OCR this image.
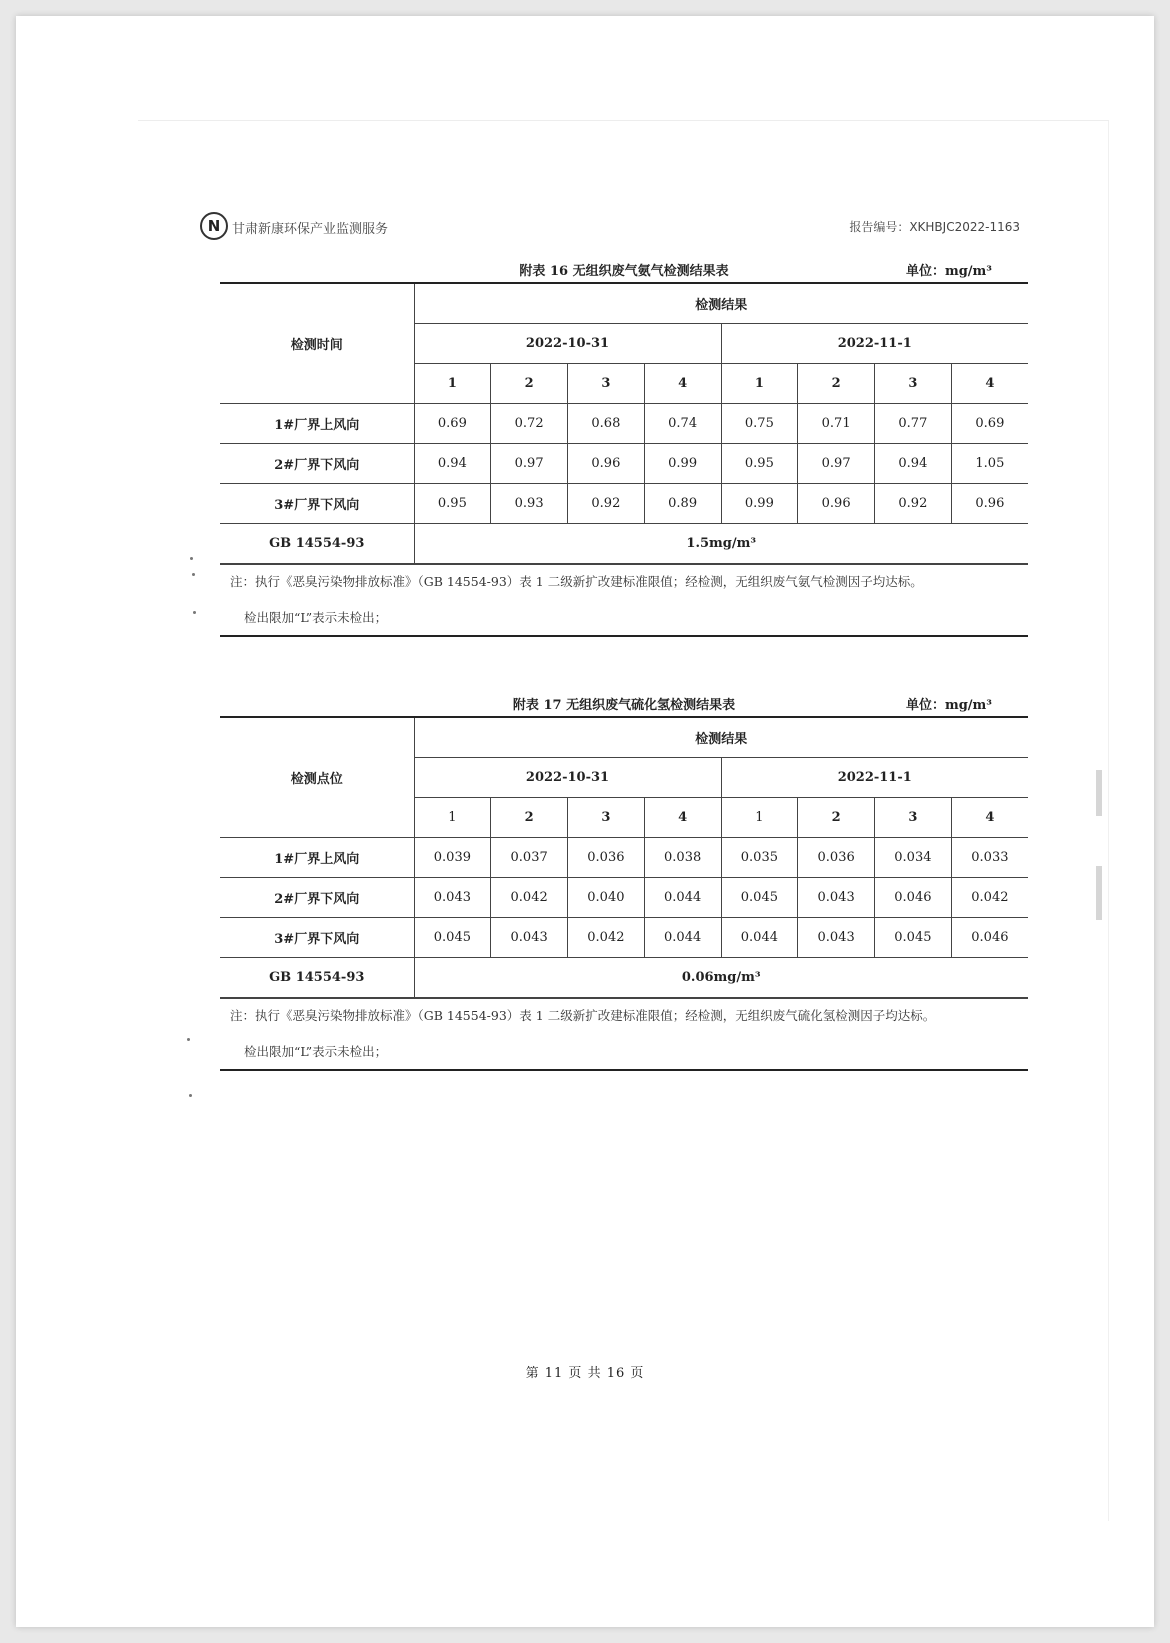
N 甘肃新康环保产业监测服务	报告编号：XKHBJC2022-1163
附表 16 无组织废气氨气检测结果表	单位：mg/m³
检测时间	检测结果							
	2022-10-31				2022-11-1			
	1	2	3	4	1	2	3	4
1#厂界上风向	0.69	0.72	0.68	0.74	0.75	0.71	0.77	0.69
2#厂界下风向	0.94	0.97	0.96	0.99	0.95	0.97	0.94	1.05
3#厂界下风向	0.95	0.93	0.92	0.89	0.99	0.96	0.92	0.96
GB 14554-93	1.5mg/m³							

注：执行《恶臭污染物排放标准》（GB 14554-93）表 1 二级新扩改建标准限值；经检测，无组织废气氨气检测因子均达标。

检出限加“L”表示未检出；

附表 17 无组织废气硫化氢检测结果表	单位：mg/m³
检测点位	检测结果							
	2022-10-31				2022-11-1			
	1	2	3	4	1	2	3	4
1#厂界上风向	0.039	0.037	0.036	0.038	0.035	0.036	0.034	0.033
2#厂界下风向	0.043	0.042	0.040	0.044	0.045	0.043	0.046	0.042
3#厂界下风向	0.045	0.043	0.042	0.044	0.044	0.043	0.045	0.046
GB 14554-93	0.06mg/m³							

注：执行《恶臭污染物排放标准》（GB 14554-93）表 1 二级新扩改建标准限值；经检测，无组织废气硫化氢检测因子均达标。

检出限加“L”表示未检出；

第 11 页 共 16 页
